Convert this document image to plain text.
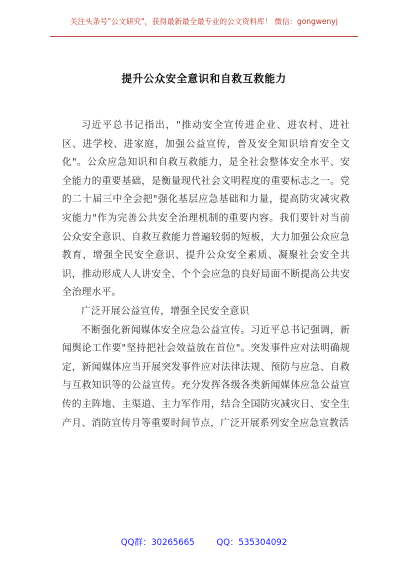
关注头条号"公文研究"，获得最新最全最专业的公文资料库！ 微信：gongwenyj
提升公众安全意识和自救互救能力

习近平总书记指出，"推动安全宣传进企业、进农村、进社区、进学校、进家庭，加强公益宣传，普及安全知识培育安全文化"。公众应急知识和自救互救能力，是全社会整体安全水平、安全能力的重要基础，是衡量现代社会文明程度的重要标志之一。党的二十届三中全会把"强化基层应急基础和力量，提高防灾减灾救灾能力"作为完善公共安全治理机制的重要内容。我们要针对当前公众安全意识、自救互救能力普遍较弱的短板，大力加强公众应急教育，增强全民安全意识、提升公众安全素质、凝聚社会安全共识，推动形成人人讲安全、个个会应急的良好局面不断提高公共安全治理水平。

广泛开展公益宣传，增强全民安全意识

不断强化新闻媒体安全应急公益宣传。习近平总书记强调，新闻舆论工作要"坚持把社会效益放在首位"。突发事件应对法明确规定，新闻媒体应当开展突发事件应对法律法规、预防与应急、自救与互救知识等的公益宣传。充分发挥各级各类新闻媒体应急公益宣传的主阵地、主渠道、主力军作用，结合全国防灾减灾日、安全生产月、消防宣传月等重要时间节点，广泛开展系列安全应急宣教活

QQ群：30265665	QQ：535304092
